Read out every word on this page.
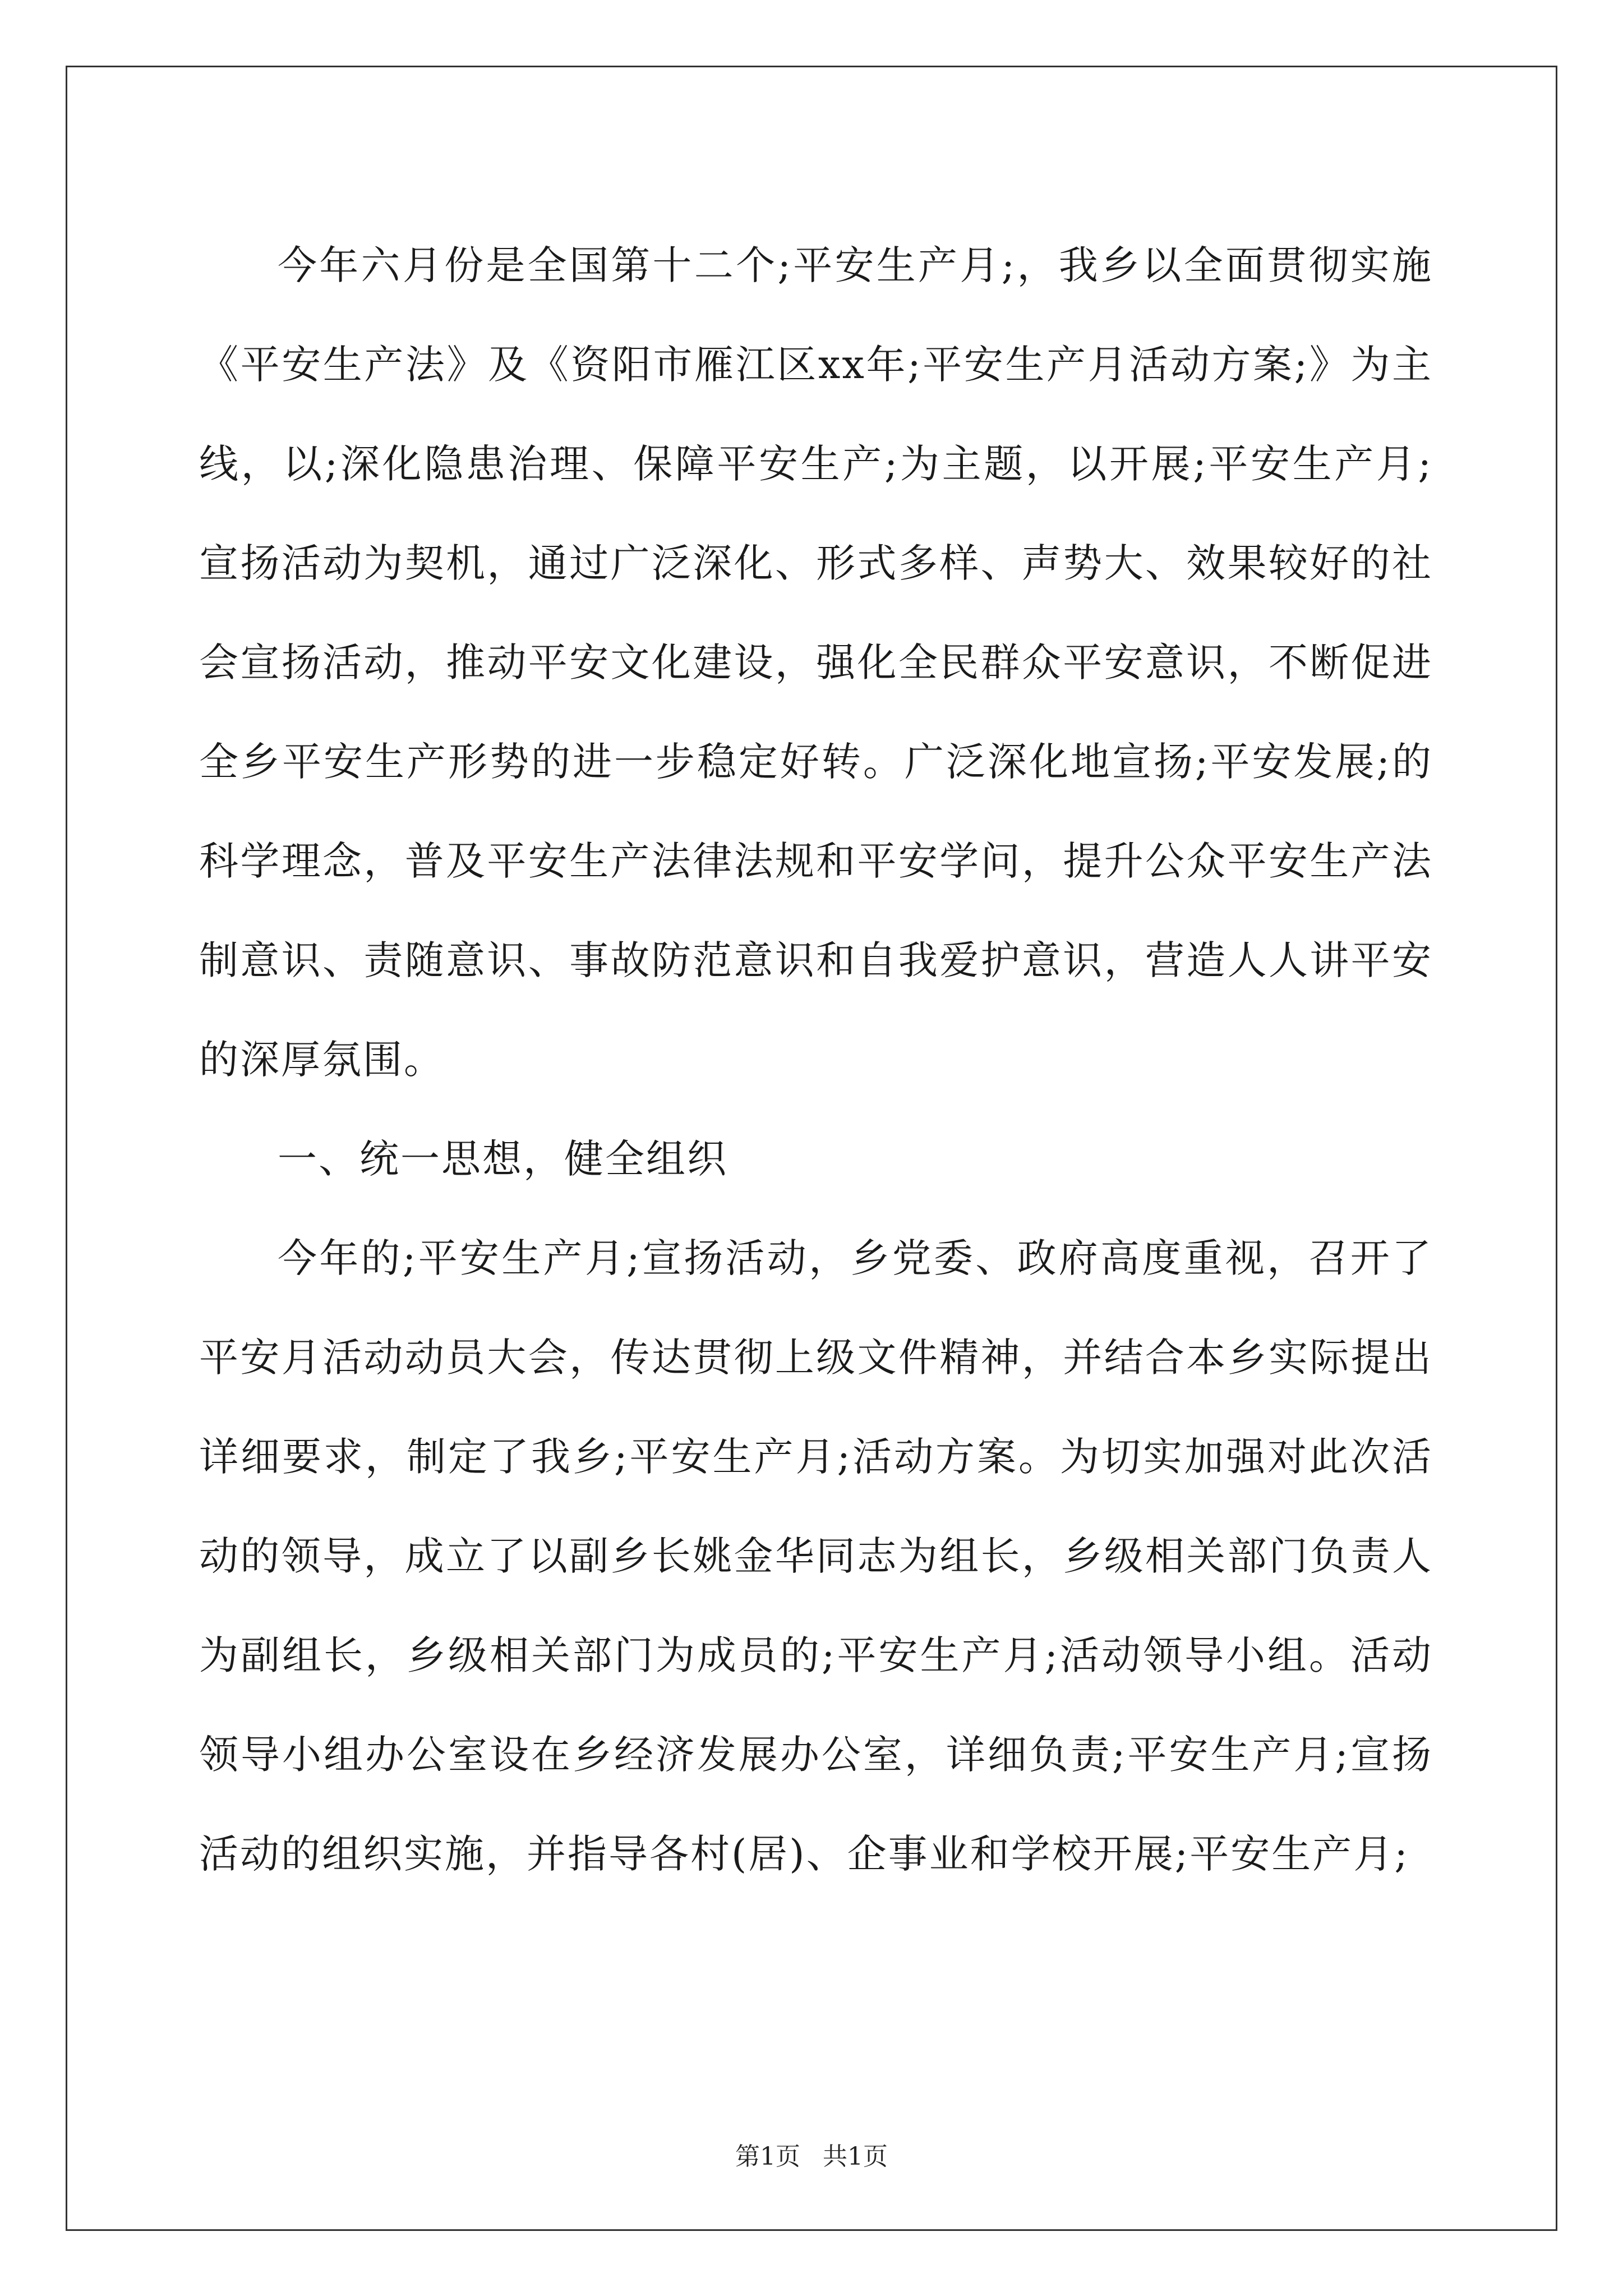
今年六月份是全国第十二个;平安生产月;，我乡以全面贯彻实施《平安生产法》及《资阳市雁江区xx年;平安生产月活动方案;》为主线，以;深化隐患治理、保障平安生产;为主题，以开展;平安生产月;宣扬活动为契机，通过广泛深化、形式多样、声势大、效果较好的社会宣扬活动，推动平安文化建设，强化全民群众平安意识，不断促进全乡平安生产形势的进一步稳定好转。广泛深化地宣扬;平安发展;的科学理念，普及平安生产法律法规和平安学问，提升公众平安生产法制意识、责随意识、事故防范意识和自我爱护意识，营造人人讲平安的深厚氛围。

一、统一思想，健全组织

今年的;平安生产月;宣扬活动，乡党委、政府高度重视，召开了平安月活动动员大会，传达贯彻上级文件精神，并结合本乡实际提出详细要求，制定了我乡;平安生产月;活动方案。为切实加强对此次活动的领导，成立了以副乡长姚金华同志为组长，乡级相关部门负责人为副组长，乡级相关部门为成员的;平安生产月;活动领导小组。活动领导小组办公室设在乡经济发展办公室，详细负责;平安生产月;宣扬活动的组织实施，并指导各村(居)、企事业和学校开展;平安生产月;

第1页 共1页
